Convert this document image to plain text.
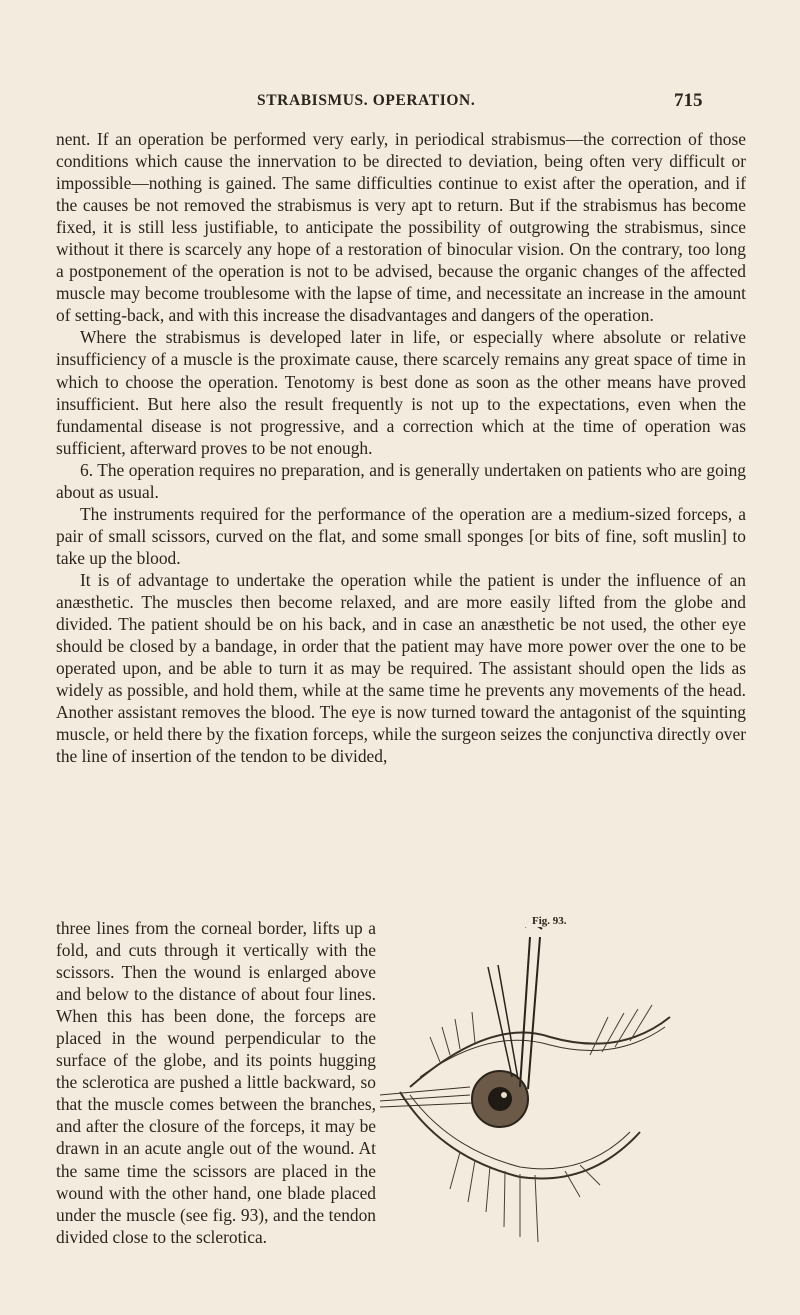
STRABISMUS. OPERATION.	715

nent. If an operation be performed very early, in periodical strabismus—the correction of those conditions which cause the innervation to be directed to deviation, being often very difficult or impossible—nothing is gained. The same difficulties continue to exist after the operation, and if the causes be not removed the strabismus is very apt to return. But if the strabismus has become fixed, it is still less justifiable, to anticipate the possibility of outgrowing the strabismus, since without it there is scarcely any hope of a restoration of binocular vision. On the contrary, too long a postponement of the operation is not to be advised, because the organic changes of the affected muscle may become troublesome with the lapse of time, and necessitate an increase in the amount of setting-back, and with this increase the disadvantages and dangers of the operation.

Where the strabismus is developed later in life, or especially where absolute or relative insufficiency of a muscle is the proximate cause, there scarcely remains any great space of time in which to choose the operation. Tenotomy is best done as soon as the other means have proved insufficient. But here also the result frequently is not up to the expectations, even when the fundamental disease is not progressive, and a correction which at the time of operation was sufficient, afterward proves to be not enough.

6. The operation requires no preparation, and is generally undertaken on patients who are going about as usual.

The instruments required for the performance of the operation are a medium-sized forceps, a pair of small scissors, curved on the flat, and some small sponges [or bits of fine, soft muslin] to take up the blood.

It is of advantage to undertake the operation while the patient is under the influence of an anæsthetic. The muscles then become relaxed, and are more easily lifted from the globe and divided. The patient should be on his back, and in case an anæsthetic be not used, the other eye should be closed by a bandage, in order that the patient may have more power over the one to be operated upon, and be able to turn it as may be required. The assistant should open the lids as widely as possible, and hold them, while at the same time he prevents any movements of the head. Another assistant removes the blood. The eye is now turned toward the antagonist of the squinting muscle, or held there by the fixation forceps, while the surgeon seizes the conjunctiva directly over the line of insertion of the tendon to be divided,

three lines from the corneal border, lifts up a fold, and cuts through it vertically with the scissors. Then the wound is enlarged above and below to the distance of about four lines. When this has been done, the forceps are placed in the wound perpendicular to the surface of the globe, and its points hugging the sclerotica are pushed a little backward, so that the muscle comes between the branches, and after the closure of the forceps, it may be drawn in an acute angle out of the wound. At the same time the scissors are placed in the wound with the other hand, one blade placed under the muscle (see fig. 93), and the tendon divided close to the sclerotica.
Fig. 93.
